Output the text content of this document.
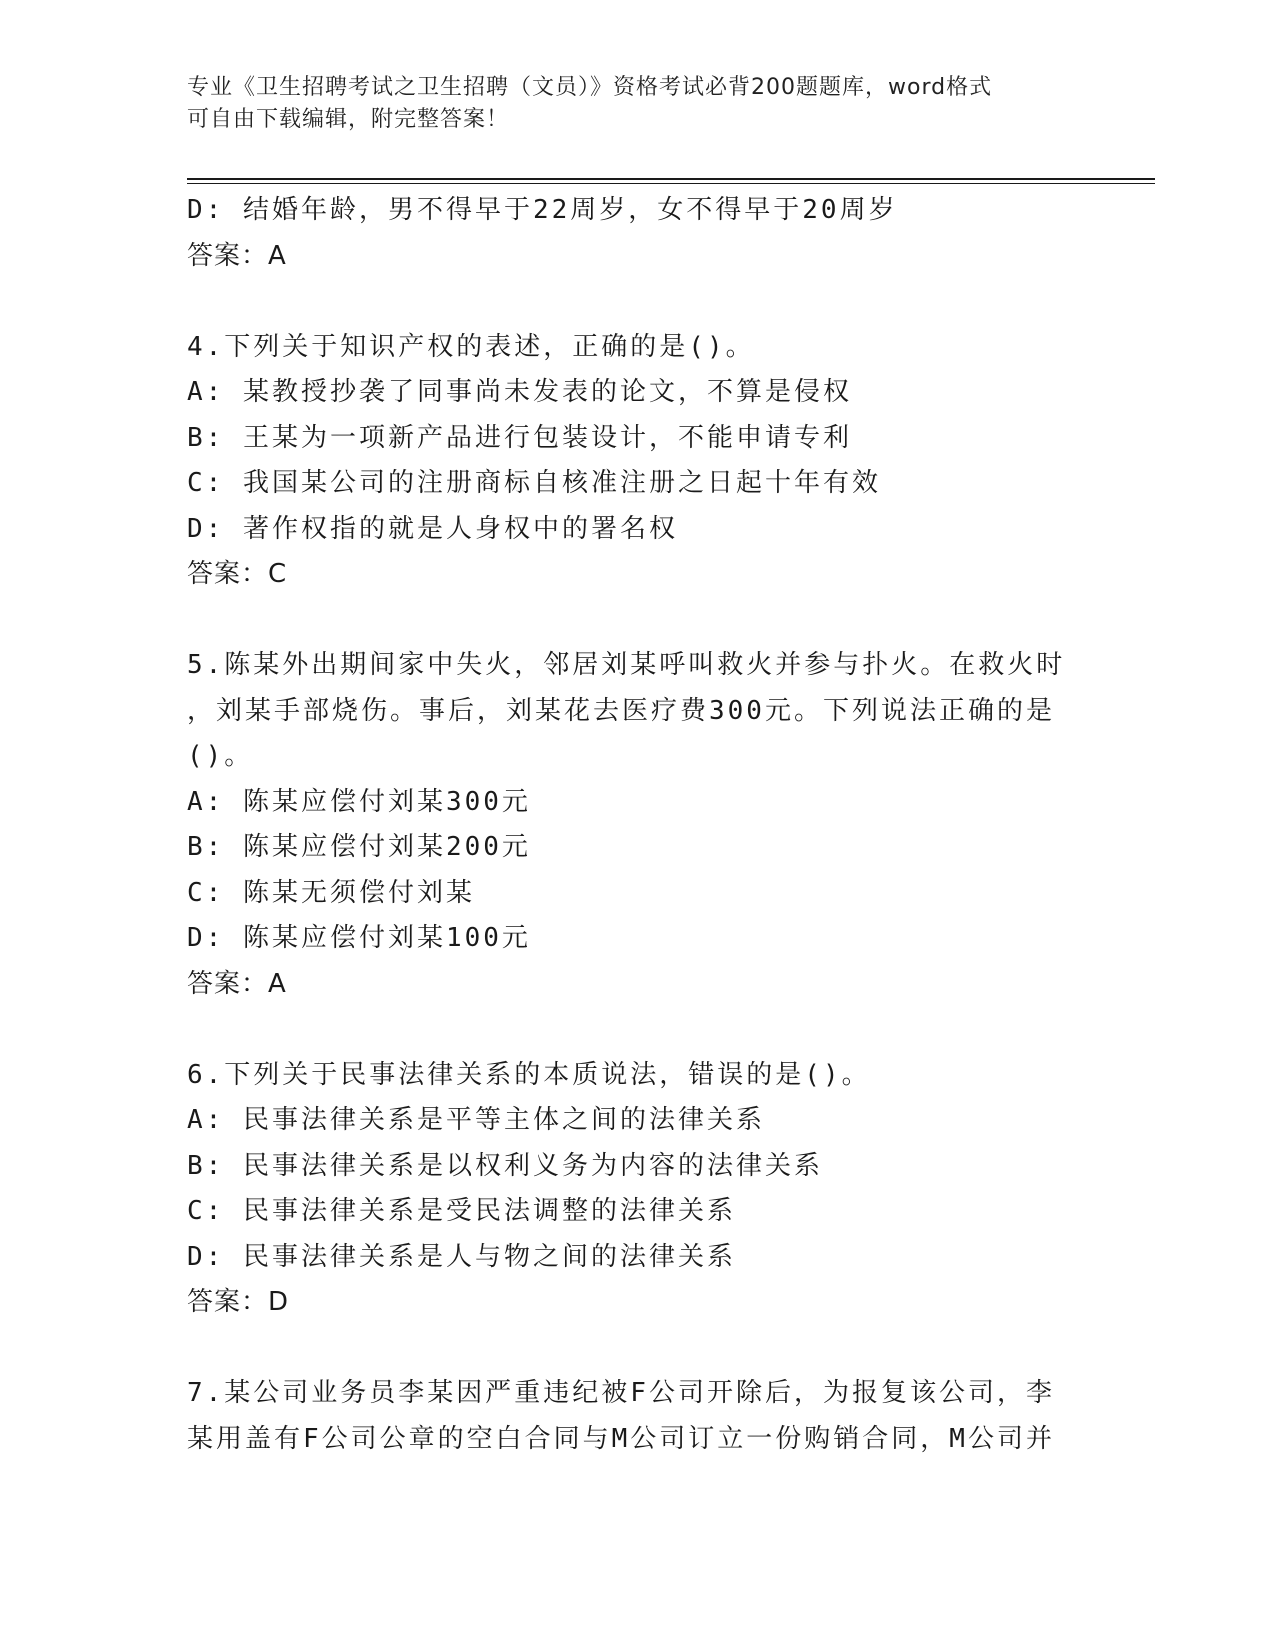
专业《卫生招聘考试之卫生招聘（文员）》资格考试必背200题题库，word格式
可自由下载编辑，附完整答案！
D: 结婚年龄，男不得早于22周岁，女不得早于20周岁
答案：A
4.下列关于知识产权的表述，正确的是()。
A: 某教授抄袭了同事尚未发表的论文，不算是侵权
B: 王某为一项新产品进行包装设计，不能申请专利
C: 我国某公司的注册商标自核准注册之日起十年有效
D: 著作权指的就是人身权中的署名权
答案：C
5.陈某外出期间家中失火，邻居刘某呼叫救火并参与扑火。在救火时
，刘某手部烧伤。事后，刘某花去医疗费300元。下列说法正确的是
()。
A: 陈某应偿付刘某300元
B: 陈某应偿付刘某200元
C: 陈某无须偿付刘某
D: 陈某应偿付刘某100元
答案：A
6.下列关于民事法律关系的本质说法，错误的是()。
A: 民事法律关系是平等主体之间的法律关系
B: 民事法律关系是以权利义务为内容的法律关系
C: 民事法律关系是受民法调整的法律关系
D: 民事法律关系是人与物之间的法律关系
答案：D
7.某公司业务员李某因严重违纪被F公司开除后，为报复该公司，李
某用盖有F公司公章的空白合同与M公司订立一份购销合同，M公司并
